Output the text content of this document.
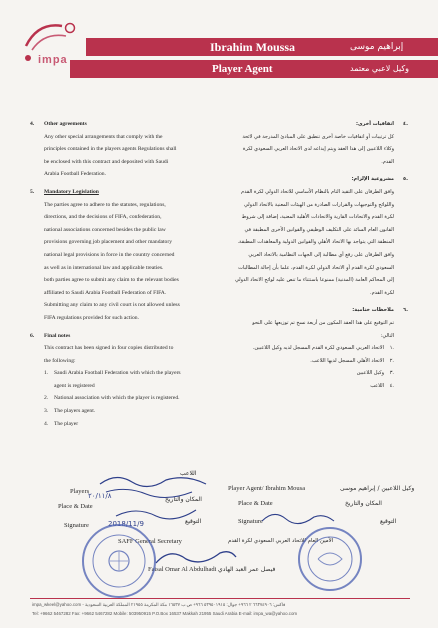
impa
Ibrahim Moussa	إبراهيم موسى
Player Agent	وكيل لاعبي معتمد
4. Other agreements
Any other special arrangements that comply with the
principles contained in the players agents Regulations shall
be enclosed with this contract and deposited with Saudi
Arabia Football Federation.
5. Mandatory Legislation
The parties agree to adhere to the statutes, regulations,
directions, and the decisions of FIFA, confederation,
national associations concerned besides the public law
provisions governing job placement and other mandatory
national legal provisions in force in the country concerned
as well as in international law and applicable treaties.
both parties agree to submit any claim to the relevant bodies
affiliated to Saudi Arabia Football Federation of FIFA.
Submitting any claim to any civil court is not allowed unless
FIFA regulations provided for such action.
6. Final notes
This contract has been signed in four copies distributed to
the following:
1. Saudi Arabia Football Federation with which the players
agent is registered
2. National association with which the player is registered.
3. The players agent.
4. The player
.٤
اتفاقيات أخرى:
كل ترتيبات أو اتفاقيات خاصة أخرى تنطبق على المبادئ المدرجة في لائحة
وكلاء اللاعبين إلى هذا العقد ويتم إيداعه لدى الاتحاد العربي السعودي لكرة
القدم.
.٥
مشروعية الإلزام:
وافق الطرفان على التقيد التام بالنظام الأساسي للاتحاد الدولي لكرة القدم
واللوائح والتوجيهات والقرارات الصادرة من الهيئات المعنية بالاتحاد الدولي
لكرة القدم والاتحادات القارية والاتحادات الأهلية المعنية، إضافة إلى شروط
القانون العام السائد على التكليف الوظيفي والقوانين الأخرى المطبقة في
المنطقة التي يتواجد بها الاتحاد الأهلي والقوانين الدولية والمعاهدات المطبقة.
وافق الطرفان على رفع أي مطالبة إلى الجهات النظامية بالاتحاد العربي
السعودي لكرة القدم أو الاتحاد الدولي لكرة القدم، علما بأن إحالة المطالبات
إلى المحاكم العامة (المدنية) ممنوعا باستثناء ما تنص عليه لوائح الاتحاد الدولي
لكرة القدم.
.٦
ملاحظات ختامية:
تم التوقيع على هذا العقد المكون من أربعة نسخ تم توزيعها على النحو
التالي:
.١
الاتحاد العربي السعودي لكرة القدم المسجل لديه وكيل اللاعبين.
.٢
الاتحاد الأهلي المسجل لديها اللاعب.
.٣
وكيل اللاعبين
.٤
اللاعب
Players
اللاعب
Place & Date
المكان والتاريخ
Signature
التوقيع
٢٠/١١/٨
2018/11/9
Player Agent/ Ibrahim Mousa	وكيل اللاعبين / إبراهيم موسى
Place & Date	المكان والتاريخ
Signature	التوقيع
SAFF General Secretary	الأمين العام للاتحاد العربي السعودي لكرة القدم
Faisal Omar Al Abdulhadi فيصل عمر العبد الهادي
impa_wkeel@yahoo.com - فاكس: ٦٦٣٧٤٩٠٦ ٢ ٩٦٦+ جوال: ٥٣٩٥٠١٩١٥ ٩٦٦+ ص.ب ١٦٥٣٧ مكة المكرمة ٢١٩٥٥ المملكة العربية السعودية
Tel: +9662 5467282 Fax: +9662 5467282 Mobile: 503950915 P.O.Box 16537 Makkah 21955 Saudi Arabia E-mail: impa_wa@yahoo.com
